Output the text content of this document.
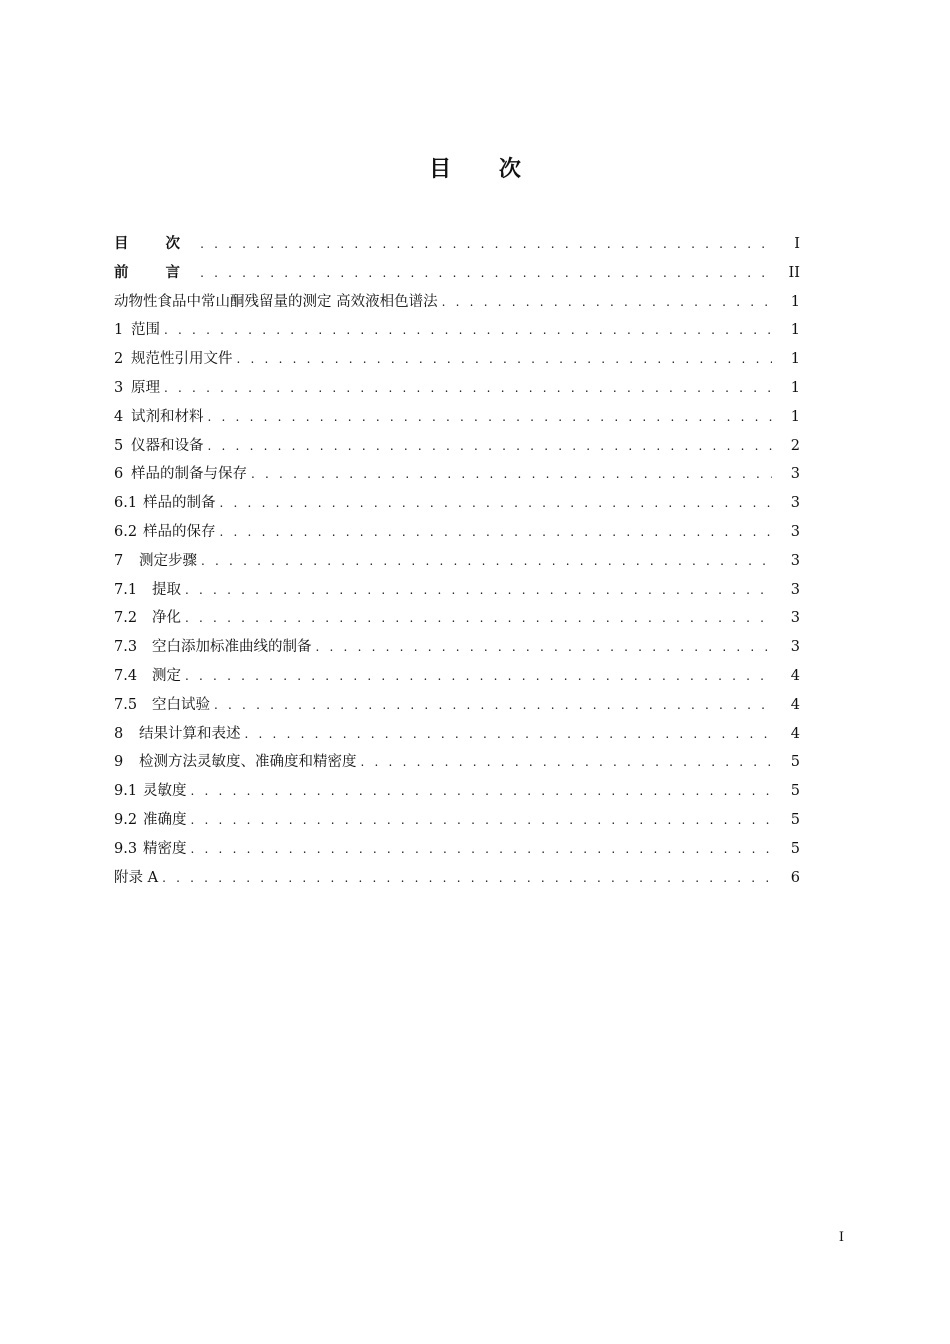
目 次
目 次 . . .	I
前 言 . . .	II
动物性食品中常山酮残留量的测定 高效液相色谱法 . . .	1
1 范围 . . .	1
2 规范性引用文件 . . .	1
3 原理 . . .	1
4 试剂和材料 . . .	1
5 仪器和设备 . . .	2
6 样品的制备与保存 . . .	3
6.1 样品的制备 . . .	3
6.2 样品的保存 . . .	3
7 测定步骤 . . .	3
7.1 提取 . . .	3
7.2 净化 . . .	3
7.3 空白添加标准曲线的制备 . . .	3
7.4 测定 . . .	4
7.5 空白试验 . . .	4
8 结果计算和表述 . . .	4
9 检测方法灵敏度、准确度和精密度 . . .	5
9.1 灵敏度 . . .	5
9.2 准确度 . . .	5
9.3 精密度 . . .	5
附录 A . . .	6
I
